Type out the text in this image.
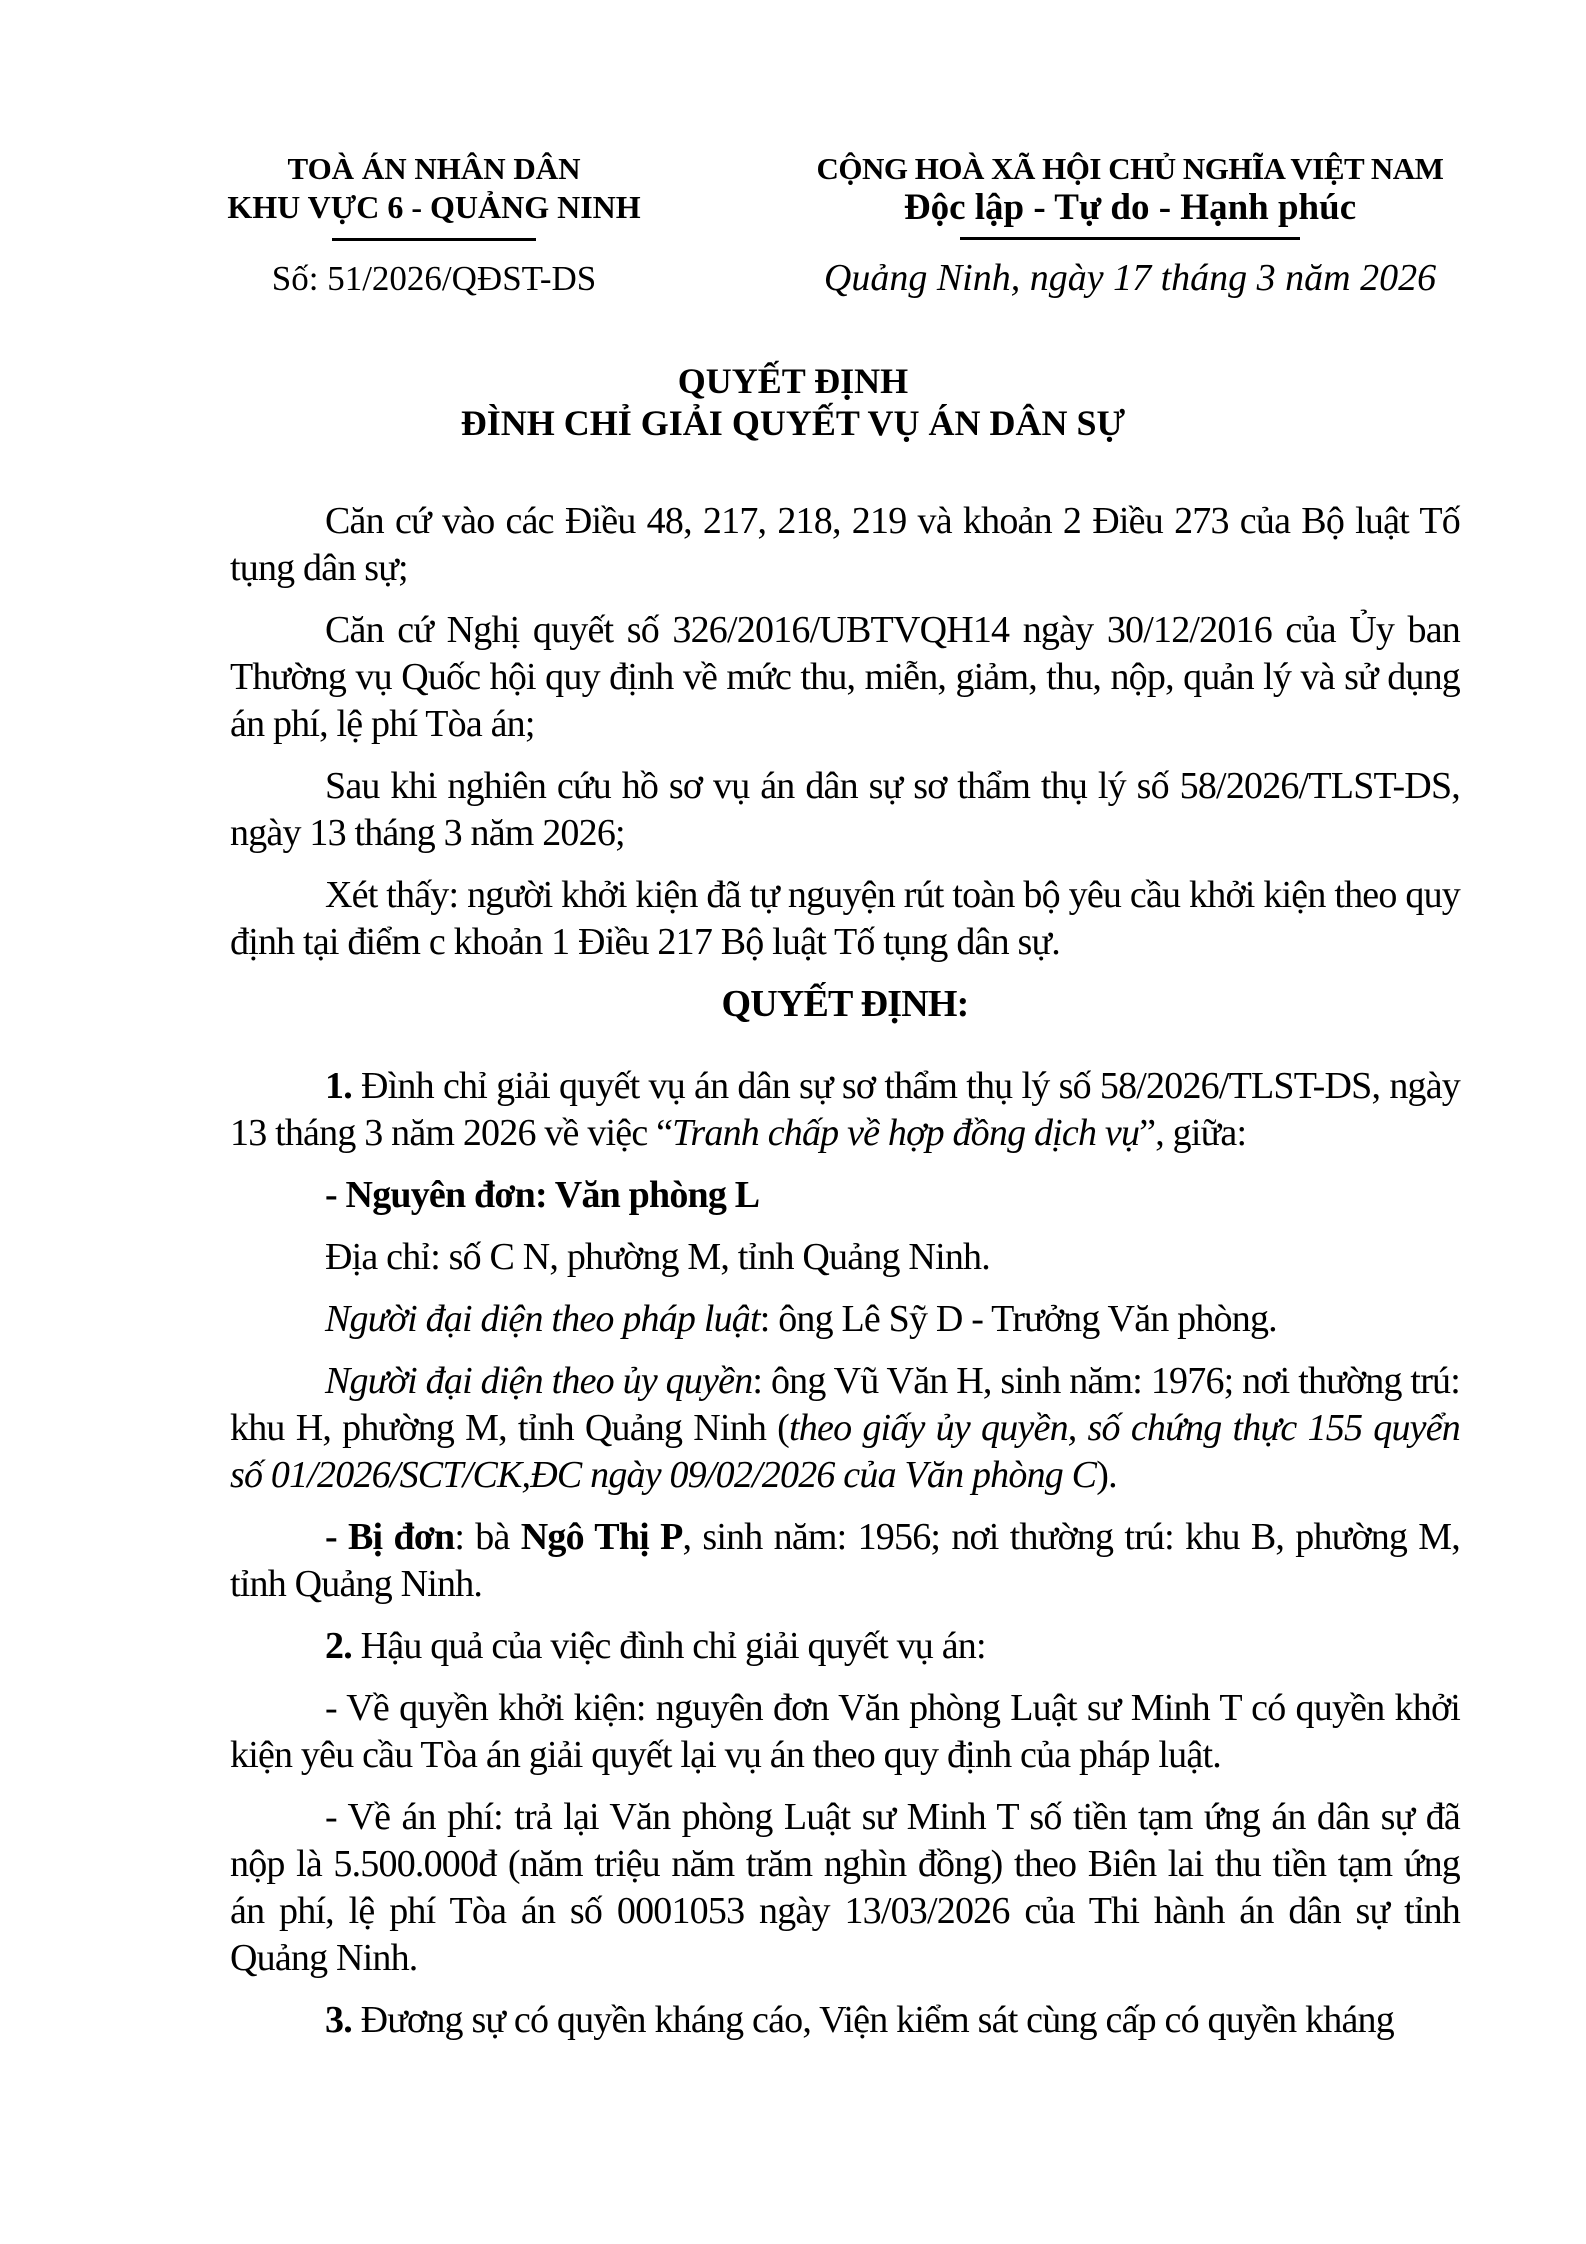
TOÀ ÁN NHÂN DÂN
KHU VỰC 6 - QUẢNG NINH
Số: 51/2026/QĐST-DS
CỘNG HOÀ XÃ HỘI CHỦ NGHĨA VIỆT NAM
Độc lập - Tự do - Hạnh phúc
Quảng Ninh, ngày 17 tháng 3 năm 2026
QUYẾT ĐỊNH
ĐÌNH CHỈ GIẢI QUYẾT VỤ ÁN DÂN SỰ

Căn cứ vào các Điều 48, 217, 218, 219 và khoản 2 Điều 273 của Bộ luật Tố tụng dân sự;

Căn cứ Nghị quyết số 326/2016/UBTVQH14 ngày 30/12/2016 của Ủy ban Thường vụ Quốc hội quy định về mức thu, miễn, giảm, thu, nộp, quản lý và sử dụng án phí, lệ phí Tòa án;

Sau khi nghiên cứu hồ sơ vụ án dân sự sơ thẩm thụ lý số 58/2026/TLST-DS, ngày 13 tháng 3 năm 2026;

Xét thấy: người khởi kiện đã tự nguyện rút toàn bộ yêu cầu khởi kiện theo quy định tại điểm c khoản 1 Điều 217 Bộ luật Tố tụng dân sự.

QUYẾT ĐỊNH:

1. Đình chỉ giải quyết vụ án dân sự sơ thẩm thụ lý số 58/2026/TLST-DS, ngày 13 tháng 3 năm 2026 về việc “Tranh chấp về hợp đồng dịch vụ”, giữa:

- Nguyên đơn: Văn phòng L

Địa chỉ: số C N, phường M, tỉnh Quảng Ninh.

Người đại diện theo pháp luật: ông Lê Sỹ D - Trưởng Văn phòng.

Người đại diện theo ủy quyền: ông Vũ Văn H, sinh năm: 1976; nơi thường trú: khu H, phường M, tỉnh Quảng Ninh (theo giấy ủy quyền, số chứng thực 155 quyển số 01/2026/SCT/CK,ĐC ngày 09/02/2026 của Văn phòng C).

- Bị đơn: bà Ngô Thị P, sinh năm: 1956; nơi thường trú: khu B, phường M, tỉnh Quảng Ninh.

2. Hậu quả của việc đình chỉ giải quyết vụ án:

- Về quyền khởi kiện: nguyên đơn Văn phòng Luật sư Minh T có quyền khởi kiện yêu cầu Tòa án giải quyết lại vụ án theo quy định của pháp luật.

- Về án phí: trả lại Văn phòng Luật sư Minh T số tiền tạm ứng án dân sự đã nộp là 5.500.000đ (năm triệu năm trăm nghìn đồng) theo Biên lai thu tiền tạm ứng án phí, lệ phí Tòa án số 0001053 ngày 13/03/2026 của Thi hành án dân sự tỉnh Quảng Ninh.

3. Đương sự có quyền kháng cáo, Viện kiểm sát cùng cấp có quyền kháng
